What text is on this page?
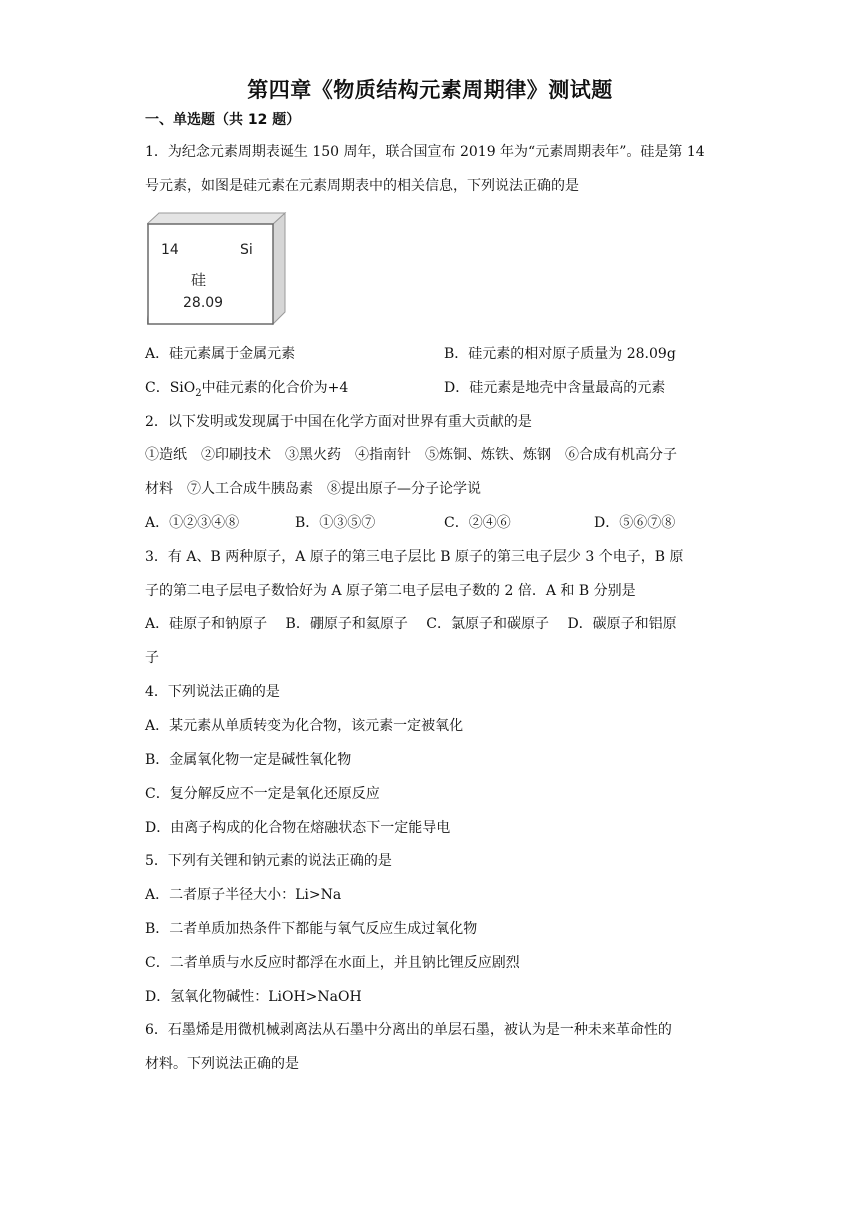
第四章《物质结构元素周期律》测试题
一、单选题（共 12 题）
1．为纪念元素周期表诞生 150 周年，联合国宣布 2019 年为“元素周期表年”。硅是第 14
号元素，如图是硅元素在元素周期表中的相关信息，下列说法正确的是
14	Si
硅
28.09
A．硅元素属于金属元素	B．硅元素的相对原子质量为 28.09g
C．SiO$_2$中硅元素的化合价为+4	D．硅元素是地壳中含量最高的元素
2．以下发明或发现属于中国在化学方面对世界有重大贡献的是
①造纸　②印刷技术　③黑火药　④指南针　⑤炼铜、炼铁、炼钢　⑥合成有机高分子
材料　⑦人工合成牛胰岛素　⑧提出原子—分子论学说
A．①②③④⑧	B．①③⑤⑦	C．②④⑥	D．⑤⑥⑦⑧
3．有 A、B 两种原子，A 原子的第三电子层比 B 原子的第三电子层少 3 个电子，B 原
子的第二电子层电子数恰好为 A 原子第二电子层电子数的 2 倍．A 和 B 分别是
A．硅原子和钠原子　 B．硼原子和氦原子　 C．氯原子和碳原子　 D．碳原子和铝原
子
4．下列说法正确的是
A．某元素从单质转变为化合物，该元素一定被氧化
B．金属氧化物一定是碱性氧化物
C．复分解反应不一定是氧化还原反应
D．由离子构成的化合物在熔融状态下一定能导电
5．下列有关锂和钠元素的说法正确的是
A．二者原子半径大小：Li>Na
B．二者单质加热条件下都能与氧气反应生成过氧化物
C．二者单质与水反应时都浮在水面上，并且钠比锂反应剧烈
D．氢氧化物碱性：LiOH>NaOH
6．石墨烯是用微机械剥离法从石墨中分离出的单层石墨，被认为是一种未来革命性的
材料。下列说法正确的是
